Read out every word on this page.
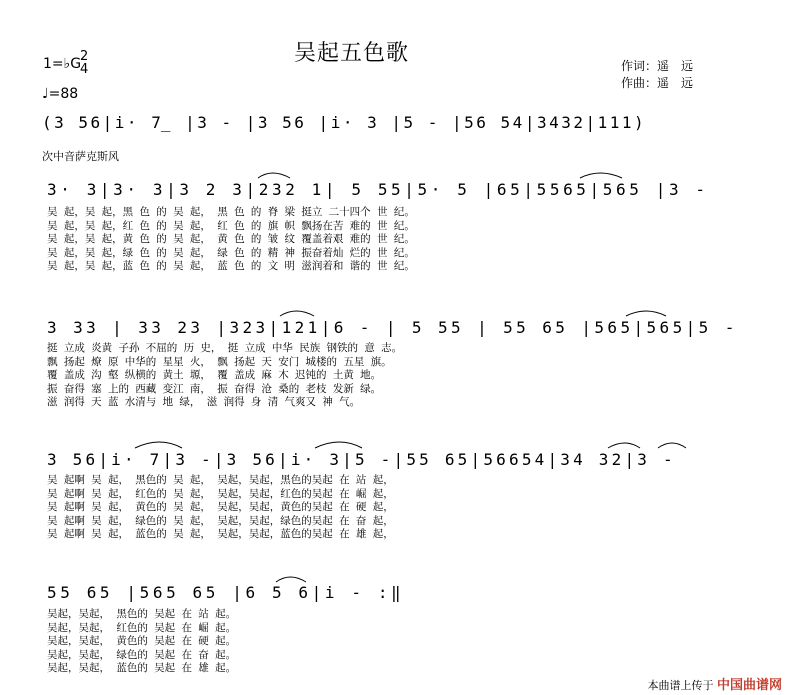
吴起五色歌
1=♭G
2
4
♩=88
作词：遥　远
作曲：遥　远
(3 56|i· 7̲ |3 - |3 56 |i· 3 |5 - |56 54|3432|111)
次中音萨克斯风
3· 3|3· 3|3 2 3|232 1| 5 55|5· 5 |65|5565|565 |3 -
吴 起，吴 起，黑 色 的 吴 起， 黑 色 的 脊 梁 挺立 二十四个 世 纪。
吴 起，吴 起，红 色 的 吴 起， 红 色 的 旗 帜 飘扬在苦 难的 世 纪。
吴 起，吴 起，黄 色 的 吴 起， 黄 色 的 皱 纹 覆盖着艰 难的 世 纪。
吴 起，吴 起，绿 色 的 吴 起， 绿 色 的 精 神 振奋着灿 烂的 世 纪。
吴 起，吴 起，蓝 色 的 吴 起， 蓝 色 的 文 明 滋润着和 谐的 世 纪。
3 33 | 33 23 |323|121|6 - | 5 55 | 55 65 |565|565|5 -
挺 立成 炎黄 子孙 不屈的 历 史， 挺 立成 中华 民族 钢铁的 意 志。
飘 扬起 燎 原 中华的 星星 火， 飘 扬起 天 安门 城楼的 五星 旗。
覆 盖成 沟 壑 纵横的 黄土 塬， 覆 盖成 麻 木 迟钝的 土黄 地。
振 奋得 塞 上的 西藏 变江 南， 振 奋得 沧 桑的 老枝 发新 绿。
滋 润得 天 蓝 水清与 地 绿， 滋 润得 身 清 气爽又 神 气。
3 56|i· 7|3 -|3 56|i· 3|5 -|55 65|56654|34 32|3 -
吴 起啊 吴 起， 黑色的 吴 起， 吴起，吴起，黑色的吴起 在 站 起，
吴 起啊 吴 起， 红色的 吴 起， 吴起，吴起，红色的吴起 在 崛 起，
吴 起啊 吴 起， 黄色的 吴 起， 吴起，吴起，黄色的吴起 在 硬 起，
吴 起啊 吴 起， 绿色的 吴 起， 吴起，吴起，绿色的吴起 在 奋 起，
吴 起啊 吴 起， 蓝色的 吴 起， 吴起，吴起，蓝色的吴起 在 雄 起，
55 65 |565 65 |6 5 6|i - :‖
吴起，吴起， 黑色的 吴起 在 站 起。
吴起，吴起， 红色的 吴起 在 崛 起。
吴起，吴起， 黄色的 吴起 在 硬 起。
吴起，吴起， 绿色的 吴起 在 奋 起。
吴起，吴起， 蓝色的 吴起 在 雄 起。
本曲谱上传于 中国曲谱网
